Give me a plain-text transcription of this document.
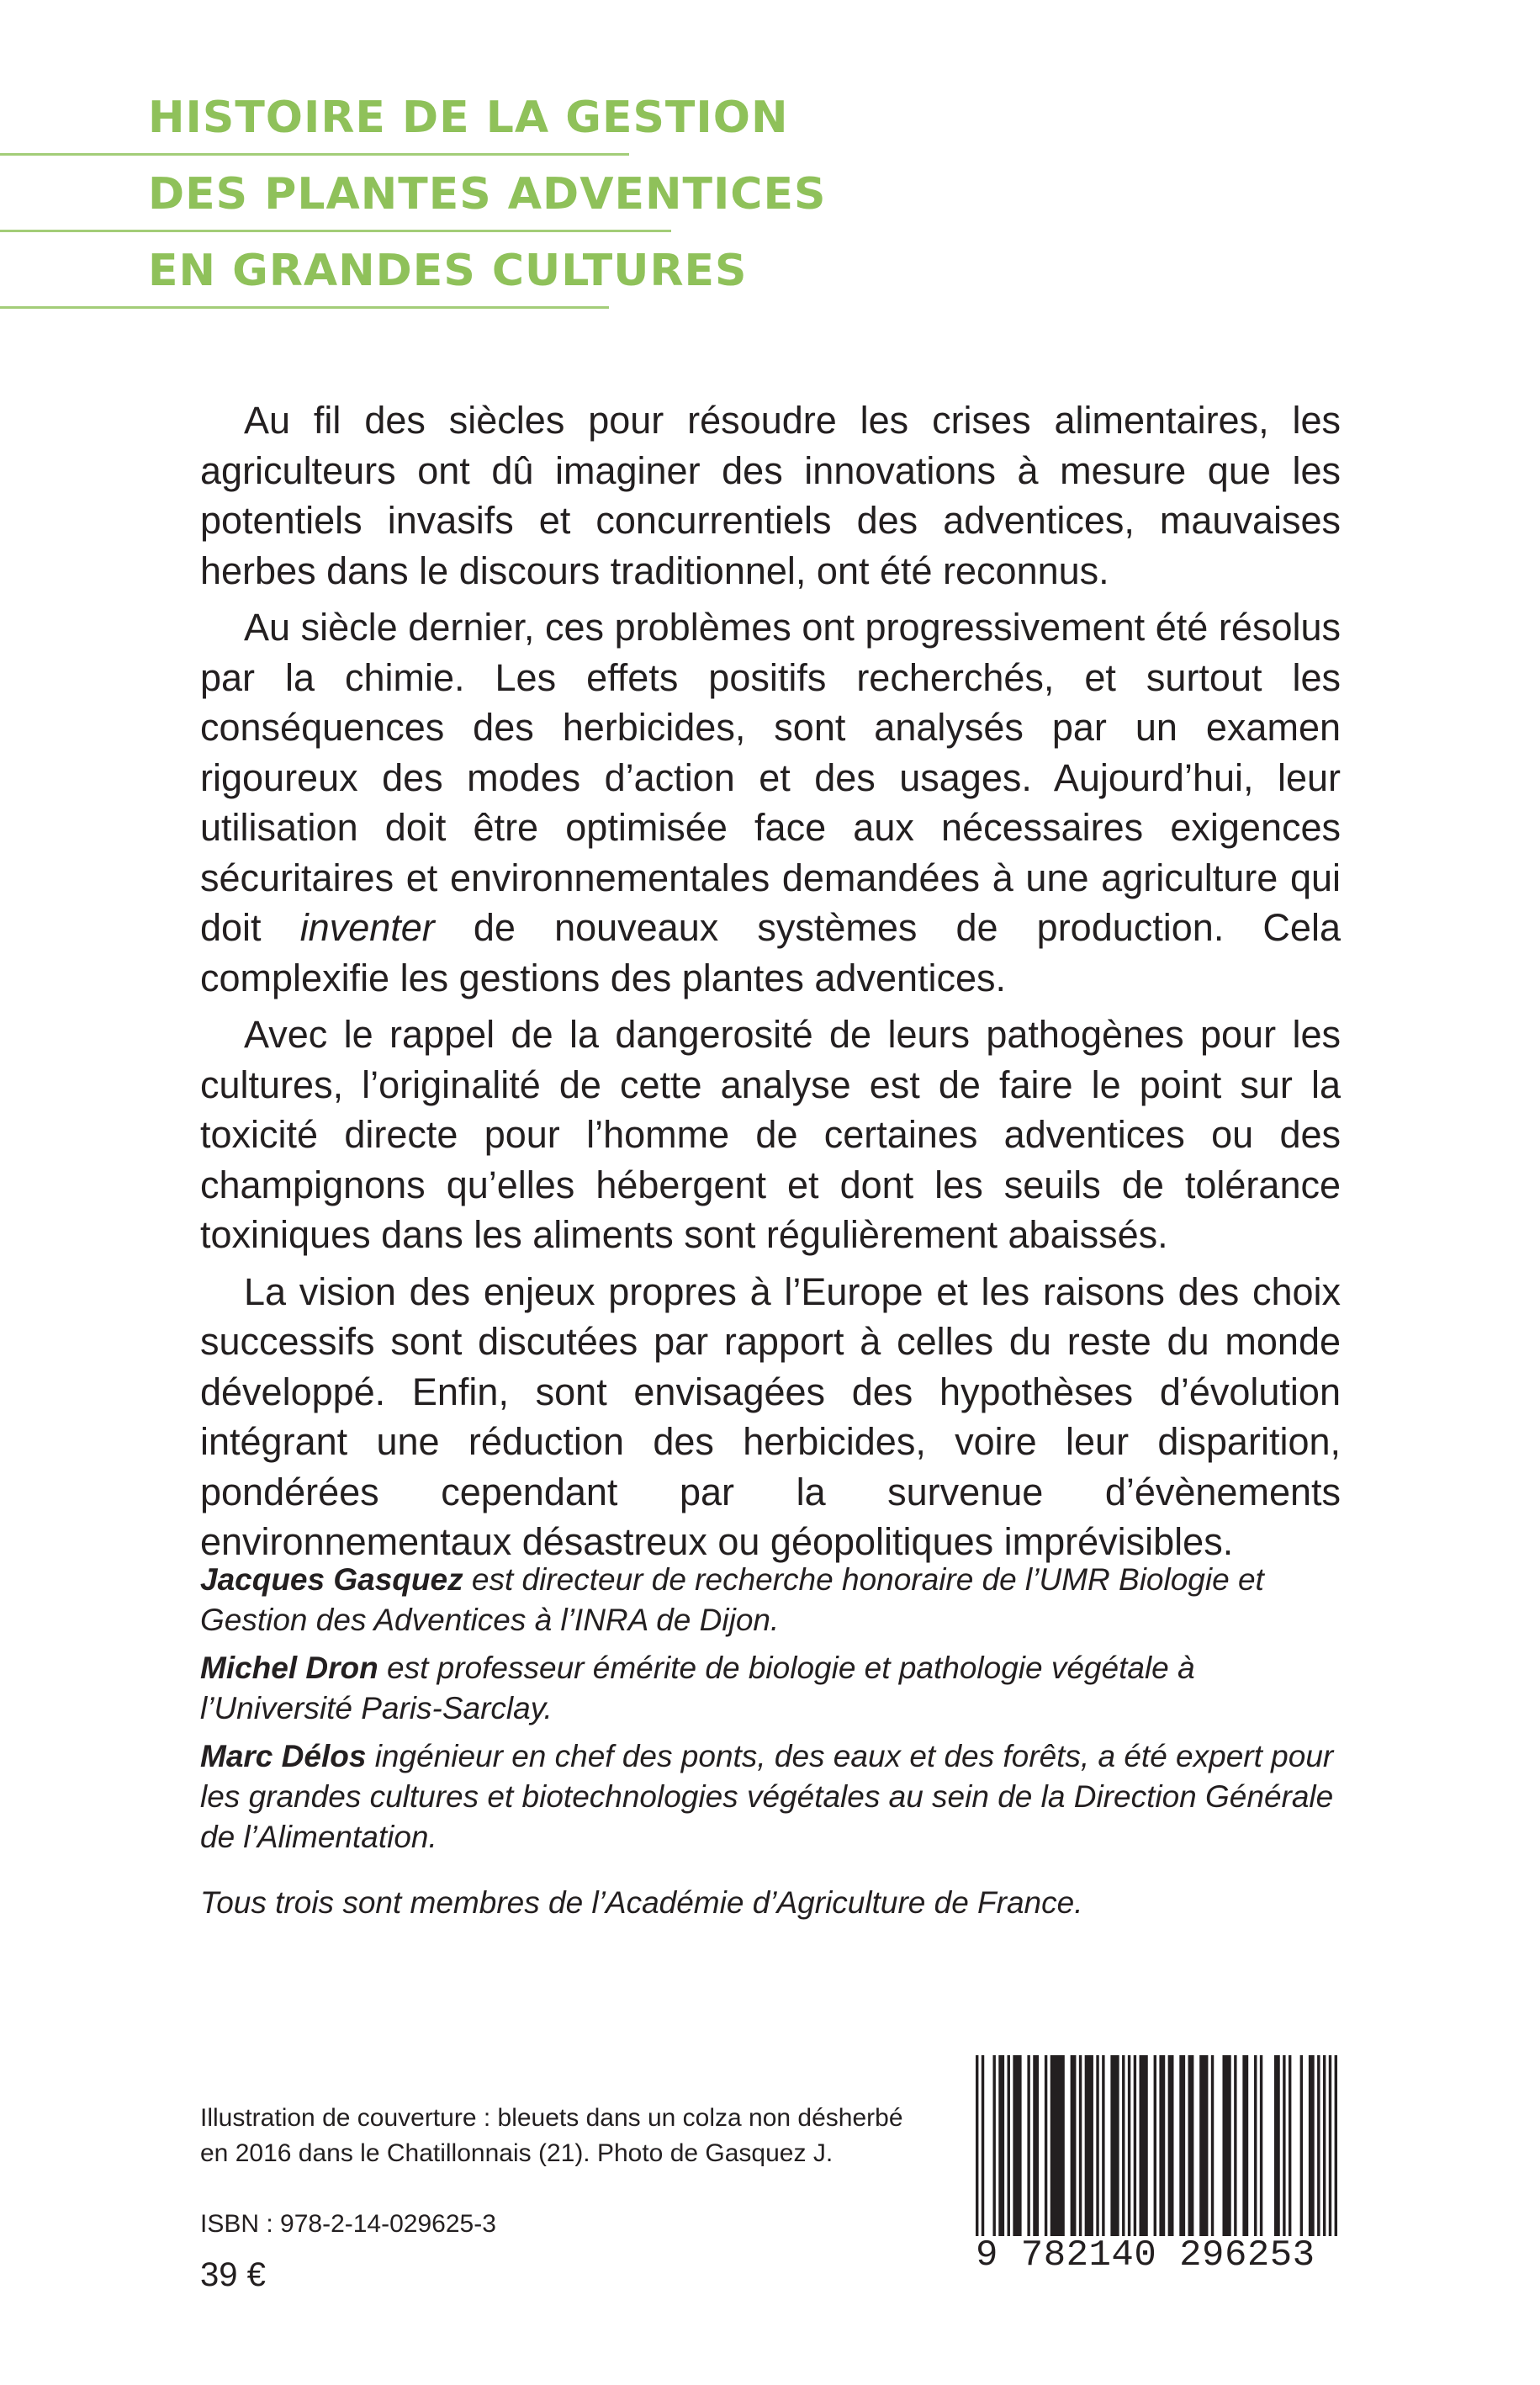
HISTOIRE DE LA GESTION
DES PLANTES ADVENTICES
EN GRANDES CULTURES

Au fil des siècles pour résoudre les crises alimentaires, les agriculteurs ont dû imaginer des innovations à mesure que les potentiels invasifs et concurrentiels des adventices, mauvaises herbes dans le discours traditionnel, ont été reconnus.

Au siècle dernier, ces problèmes ont progressivement été résolus par la chimie. Les effets positifs recherchés, et surtout les conséquences des herbicides, sont analysés par un examen rigoureux des modes d’action et des usages. Aujourd’hui, leur utilisation doit être optimisée face aux nécessaires exigences sécuritaires et environnementales demandées à une agriculture qui doit inventer de nouveaux systèmes de production. Cela complexifie les gestions des plantes adventices.

Avec le rappel de la dangerosité de leurs pathogènes pour les cultures, l’originalité de cette analyse est de faire le point sur la toxicité directe pour l’homme de certaines adventices ou des champignons qu’elles hébergent et dont les seuils de tolérance toxiniques dans les aliments sont régulièrement abaissés.

La vision des enjeux propres à l’Europe et les raisons des choix successifs sont discutées par rapport à celles du reste du monde développé. Enfin, sont envisagées des hypothèses d’évolution intégrant une réduction des herbicides, voire leur disparition, pondérées cependant par la survenue d’évènements environnementaux désastreux ou géopolitiques imprévisibles.

Jacques Gasquez est directeur de recherche honoraire de l’UMR Biologie et Gestion des Adventices à l’INRA de Dijon.

Michel Dron est professeur émérite de biologie et pathologie végétale à l’Université Paris-Sarclay.

Marc Délos ingénieur en chef des ponts, des eaux et des forêts, a été expert pour les grandes cultures et biotechnologies végétales au sein de la Direction Générale de l’Alimentation.

Tous trois sont membres de l’Académie d’Agriculture de France.

Illustration de couverture : bleuets dans un colza non désherbé
en 2016 dans le Chatillonnais (21). Photo de Gasquez J.
ISBN : 978-2-14-029625-3
39 €	9 782140 296253
